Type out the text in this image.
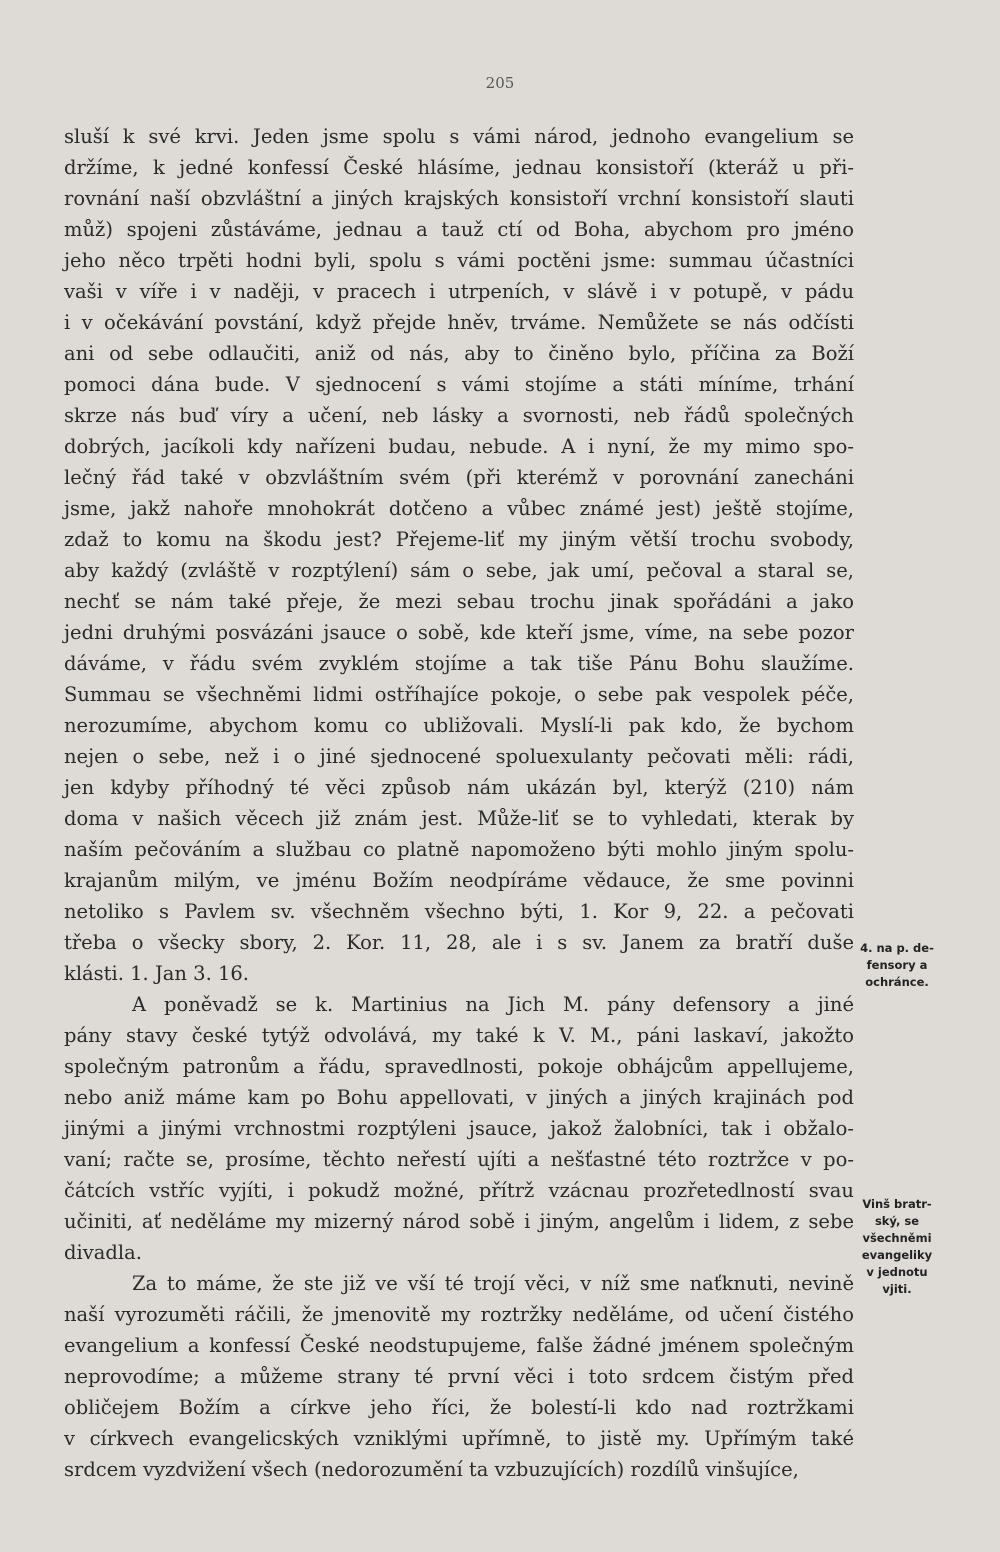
205
sluší k své krvi. Jeden jsme spolu s vámi národ, jednoho evangelium se
držíme, k jedné konfessí České hlásíme, jednau konsistoří (kteráž u při-
rovnání naší obzvláštní a jiných krajských konsistoří vrchní konsistoří slauti
můž) spojeni zůstáváme, jednau a tauž ctí od Boha, abychom pro jméno
jeho něco trpěti hodni byli, spolu s vámi poctěni jsme: summau účastníci
vaši v víře i v naději, v pracech i utrpeních, v slávě i v potupě, v pádu
i v očekávání povstání, když přejde hněv, trváme. Nemůžete se nás odčísti
ani od sebe odlaučiti, aniž od nás, aby to činěno bylo, příčina za Boží
pomoci dána bude. V sjednocení s vámi stojíme a státi míníme, trhání
skrze nás buď víry a učení, neb lásky a svornosti, neb řádů společných
dobrých, jacíkoli kdy nařízeni budau, nebude. A i nyní, že my mimo spo-
lečný řád také v obzvláštním svém (při kterémž v porovnání zanecháni
jsme, jakž nahoře mnohokrát dotčeno a vůbec známé jest) ještě stojíme,
zdaž to komu na škodu jest? Přejeme-liť my jiným větší trochu svobody,
aby každý (zvláště v rozptýlení) sám o sebe, jak umí, pečoval a staral se,
nechť se nám také přeje, že mezi sebau trochu jinak spořádáni a jako
jedni druhými posvázáni jsauce o sobě, kde kteří jsme, víme, na sebe pozor
dáváme, v řádu svém zvyklém stojíme a tak tiše Pánu Bohu slaužíme.
Summau se všechněmi lidmi ostříhajíce pokoje, o sebe pak vespolek péče,
nerozumíme, abychom komu co ubližovali. Myslí-li pak kdo, že bychom
nejen o sebe, než i o jiné sjednocené spoluexulanty pečovati měli: rádi,
jen kdyby příhodný té věci způsob nám ukázán byl, kterýž (210) nám
doma v našich věcech již znám jest. Může-liť se to vyhledati, kterak by
naším pečováním a službau co platně napomoženo býti mohlo jiným spolu-
krajanům milým, ve jménu Božím neodpíráme vědauce, že sme povinni
netoliko s Pavlem sv. všechněm všechno býti, 1. Kor 9, 22. a pečovati
třeba o všecky sbory, 2. Kor. 11, 28, ale i s sv. Janem za bratří duše
klásti. 1. Jan 3. 16.
A poněvadž se k. Martinius na Jich M. pány defensory a jiné
pány stavy české tytýž odvolává, my také k V. M., páni laskaví, jakožto
společným patronům a řádu, spravedlnosti, pokoje obhájcům appellujeme,
nebo aniž máme kam po Bohu appellovati, v jiných a jiných krajinách pod
jinými a jinými vrchnostmi rozptýleni jsauce, jakož žalobníci, tak i obžalo-
vaní; račte se, prosíme, těchto neřestí ujíti a nešťastné této roztržce v po-
čátcích vstříc vyjíti, i pokudž možné, přítrž vzácnau prozřetedlností svau
učiniti, ať neděláme my mizerný národ sobě i jiným, angelům i lidem, z sebe
divadla.
Za to máme, že ste již ve vší té trojí věci, v níž sme naťknuti, nevině
naší vyrozuměti ráčili, že jmenovitě my roztržky neděláme, od učení čistého
evangelium a konfessí České neodstupujeme, falše žádné jménem společným
neprovodíme; a můžeme strany té první věci i toto srdcem čistým před
obličejem Božím a církve jeho říci, že bolestí-li kdo nad roztržkami
v církvech evangelicských vzniklými upřímně, to jistě my. Upřímým také
srdcem vyzdvižení všech (nedorozumění ta vzbuzujících) rozdílů vinšujíce,
4. na p. de-
fensory a
ochránce.
Vinš bratr-
ský, se
všechněmi
evangeliky
v jednotu
vjiti.
